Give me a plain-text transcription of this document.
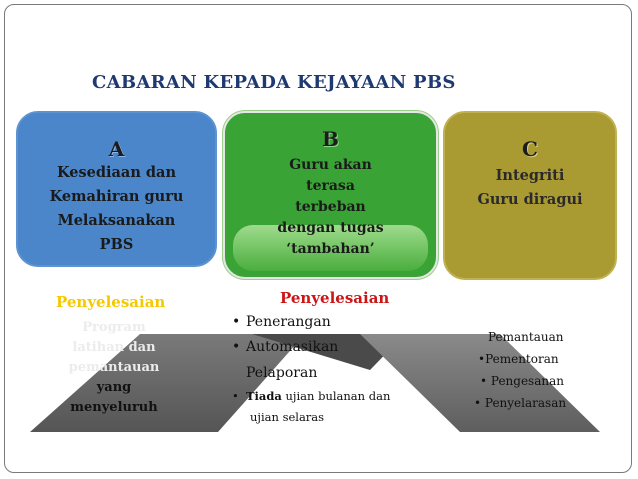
CABARAN KEPADA KEJAYAAN PBS
A
Kesediaan dan
Kemahiran guru
Melaksanakan
PBS
B
Guru akan
terasa
terbeban
dengan tugas
‘tambahan’
C
Integriti
Guru diragui
Penyelesaian
Program
latihan dan
pemantauan
yang
menyeluruh
Penyelesaian
• Penerangan
• Automasikan
Pelaporan
• Tiada ujian bulanan dan
ujian selaras
Pemantauan
•Pementoran
• Pengesanan
• Penyelarasan
